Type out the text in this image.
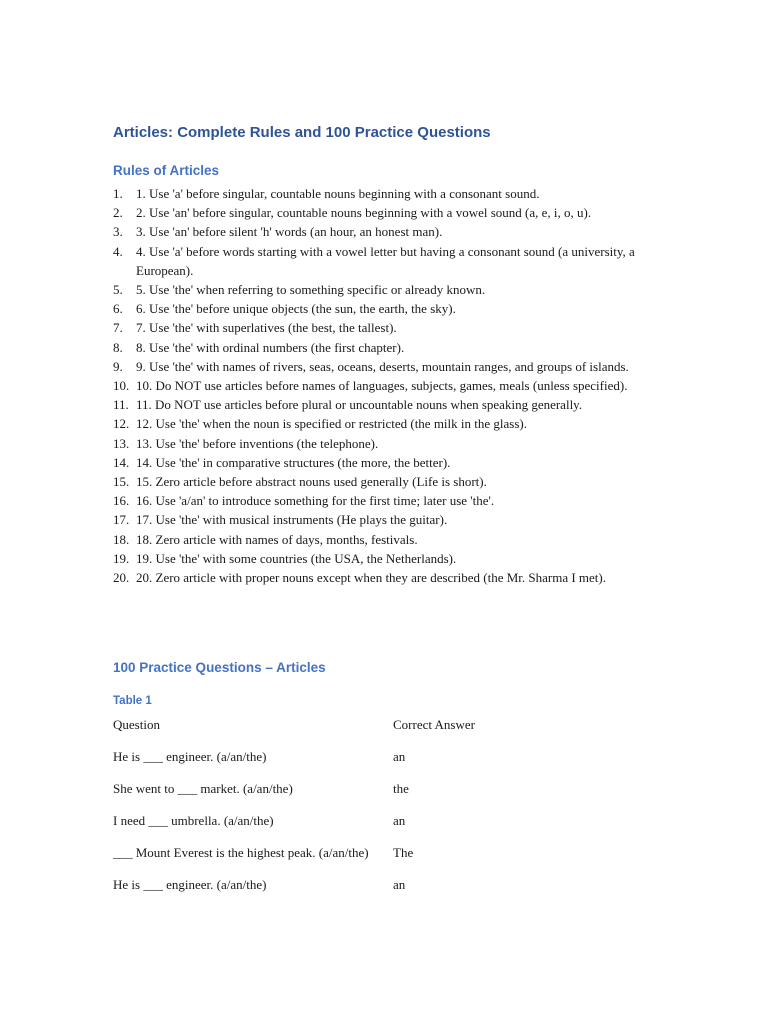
Articles: Complete Rules and 100 Practice Questions
Rules of Articles
1. 1. Use 'a' before singular, countable nouns beginning with a consonant sound.
2. 2. Use 'an' before singular, countable nouns beginning with a vowel sound (a, e, i, o, u).
3. 3. Use 'an' before silent 'h' words (an hour, an honest man).
4. 4. Use 'a' before words starting with a vowel letter but having a consonant sound (a university, a European).
5. 5. Use 'the' when referring to something specific or already known.
6. 6. Use 'the' before unique objects (the sun, the earth, the sky).
7. 7. Use 'the' with superlatives (the best, the tallest).
8. 8. Use 'the' with ordinal numbers (the first chapter).
9. 9. Use 'the' with names of rivers, seas, oceans, deserts, mountain ranges, and groups of islands.
10. 10. Do NOT use articles before names of languages, subjects, games, meals (unless specified).
11. 11. Do NOT use articles before plural or uncountable nouns when speaking generally.
12. 12. Use 'the' when the noun is specified or restricted (the milk in the glass).
13. 13. Use 'the' before inventions (the telephone).
14. 14. Use 'the' in comparative structures (the more, the better).
15. 15. Zero article before abstract nouns used generally (Life is short).
16. 16. Use 'a/an' to introduce something for the first time; later use 'the'.
17. 17. Use 'the' with musical instruments (He plays the guitar).
18. 18. Zero article with names of days, months, festivals.
19. 19. Use 'the' with some countries (the USA, the Netherlands).
20. 20. Zero article with proper nouns except when they are described (the Mr. Sharma I met).
100 Practice Questions – Articles
Table 1
Question	Correct Answer
He is ___ engineer. (a/an/the)	an
She went to ___ market. (a/an/the)	the
I need ___ umbrella. (a/an/the)	an
___ Mount Everest is the highest peak. (a/an/the)	The
He is ___ engineer. (a/an/the)	an
